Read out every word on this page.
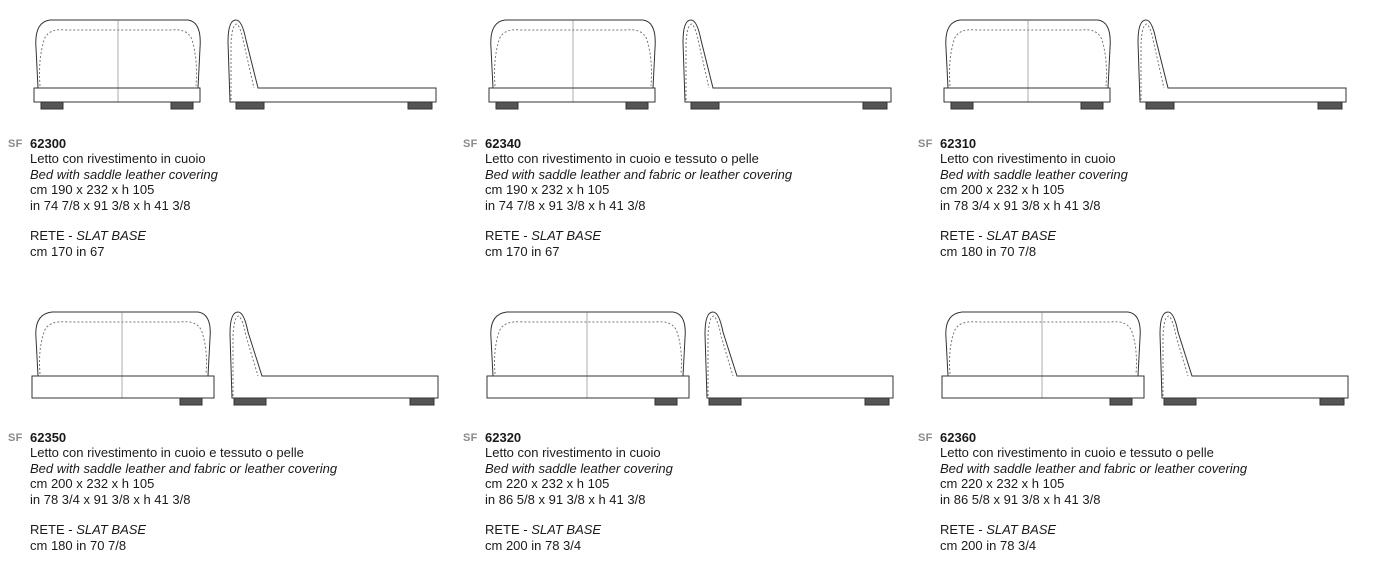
SF 62300
Letto con rivestimento in cuoio
Bed with saddle leather covering
cm 190 x 232 x h 105
in 74 7/8 x 91 3/8 x h 41 3/8
RETE - SLAT BASE
cm 170 in 67
SF 62340
Letto con rivestimento in cuoio e tessuto o pelle
Bed with saddle leather and fabric or leather covering
cm 190 x 232 x h 105
in 74 7/8 x 91 3/8 x h 41 3/8
RETE - SLAT BASE
cm 170 in 67
SF 62310
Letto con rivestimento in cuoio
Bed with saddle leather covering
cm 200 x 232 x h 105
in 78 3/4 x 91 3/8 x h 41 3/8
RETE - SLAT BASE
cm 180 in 70 7/8
SF 62350
Letto con rivestimento in cuoio e tessuto o pelle
Bed with saddle leather and fabric or leather covering
cm 200 x 232 x h 105
in 78 3/4 x 91 3/8 x h 41 3/8
RETE - SLAT BASE
cm 180 in 70 7/8
SF 62320
Letto con rivestimento in cuoio
Bed with saddle leather covering
cm 220 x 232 x h 105
in 86 5/8 x 91 3/8 x h 41 3/8
RETE - SLAT BASE
cm 200 in 78 3/4
SF 62360
Letto con rivestimento in cuoio e tessuto o pelle
Bed with saddle leather and fabric or leather covering
cm 220 x 232 x h 105
in 86 5/8 x 91 3/8 x h 41 3/8
RETE - SLAT BASE
cm 200 in 78 3/4
